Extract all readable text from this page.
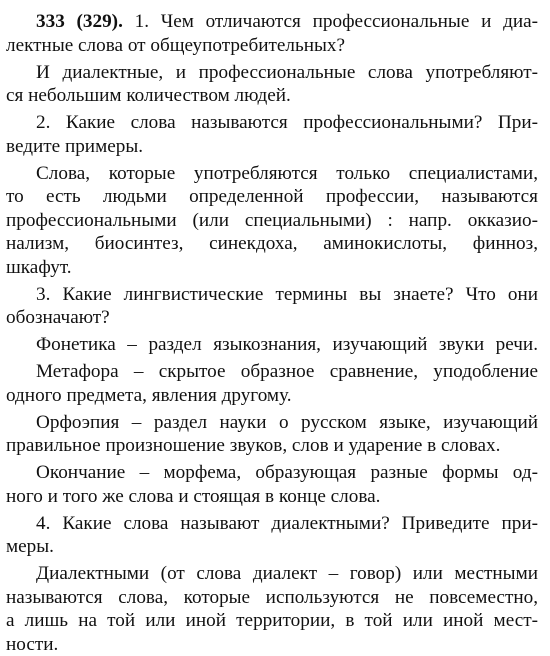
333 (329). 1. Чем отличаются профессиональные и диа-
лектные слова от общеупотребительных?

И диалектные, и профессиональные слова употребляют-
ся небольшим количеством людей.

2. Какие слова называются профессиональными? При-
ведите примеры.

Слова, которые употребляются только специалистами,
то есть людьми определенной профессии, называются
профессиональными (или специальными) : напр. окказио-
нализм, биосинтез, синекдоха, аминокислоты, финноз,
шкафут.

3. Какие лингвистические термины вы знаете? Что они
обозначают?

Фонетика – раздел языкознания, изучающий звуки речи.

Метафора – скрытое образное сравнение, уподобление
одного предмета, явления другому.

Орфоэпия – раздел науки о русском языке, изучающий
правильное произношение звуков, слов и ударение в словах.

Окончание – морфема, образующая разные формы од-
ного и того же слова и стоящая в конце слова.

4. Какие слова называют диалектными? Приведите при-
меры.

Диалектными (от слова диалект – говор) или местными
называются слова, которые используются не повсеместно,
а лишь на той или иной территории, в той или иной мест-
ности.
